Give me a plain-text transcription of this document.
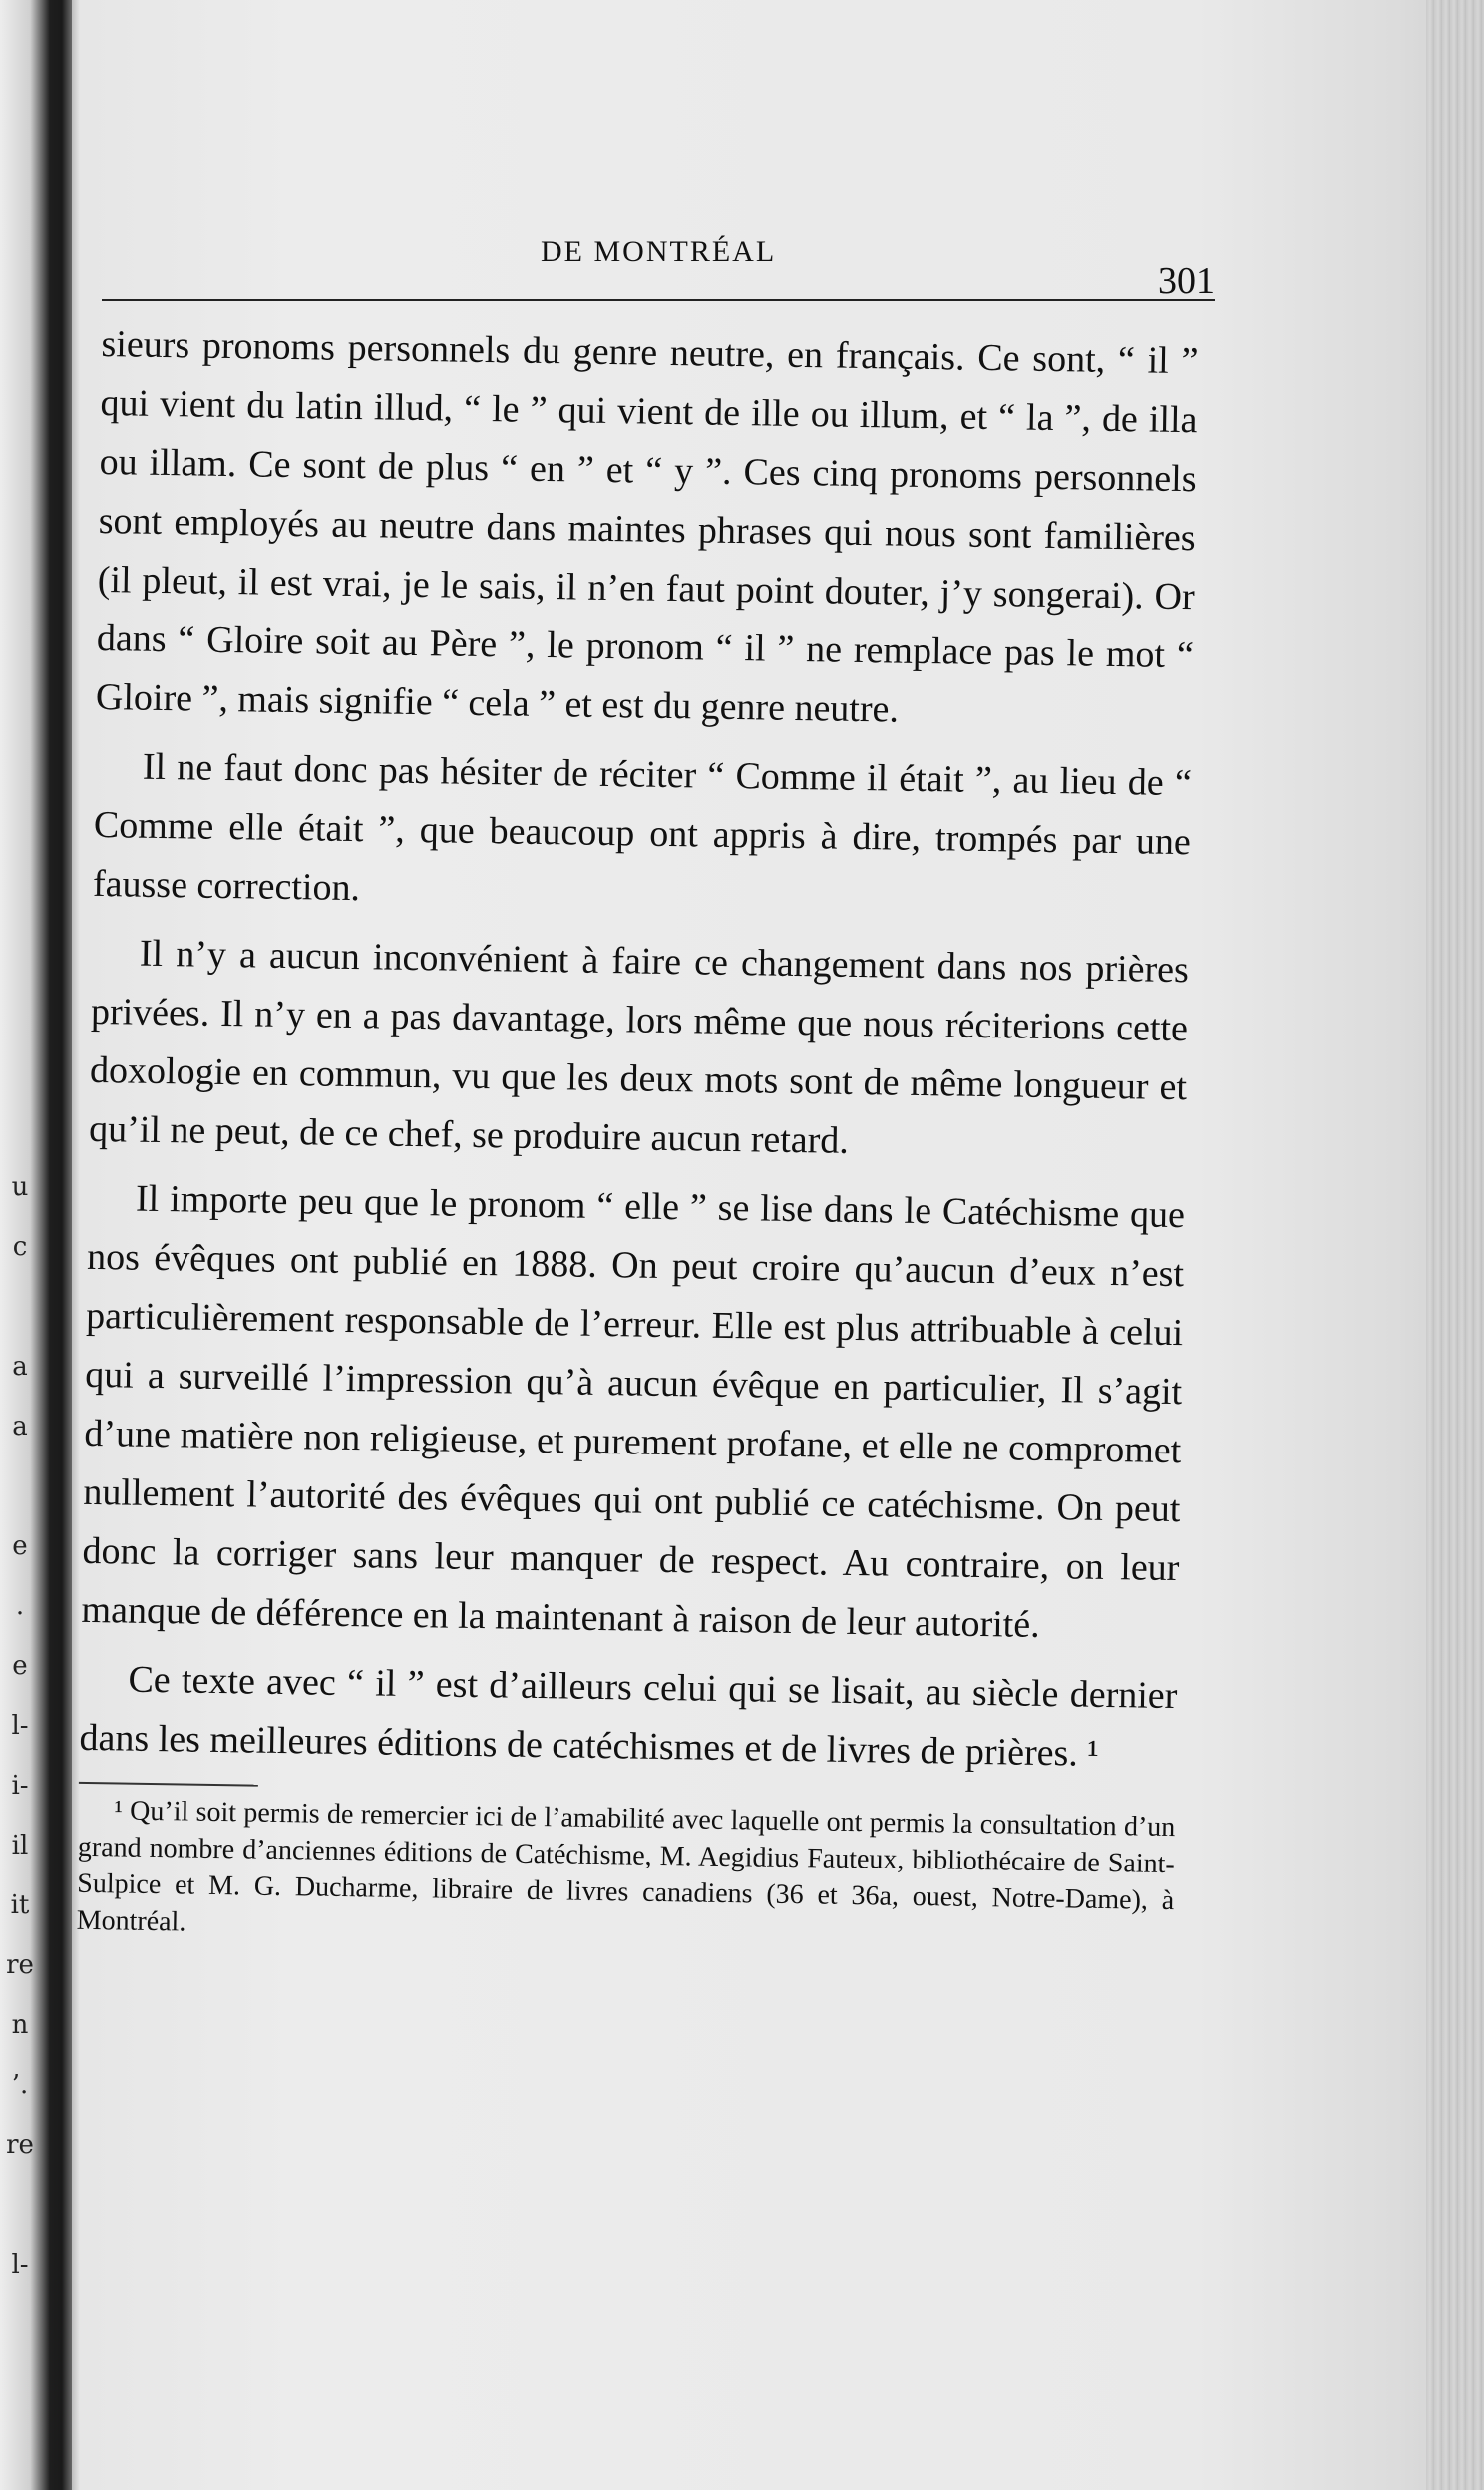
u
c
a
a
e
.
e
l-
i-
il
it
re
n
’.
re
l-
DE MONTRÉAL
301

sieurs pronoms personnels du genre neutre, en français. Ce sont, “ il ” qui vient du latin illud, “ le ” qui vient de ille ou illum, et “ la ”, de illa ou illam. Ce sont de plus “ en ” et “ y ”. Ces cinq pronoms personnels sont employés au neutre dans maintes phrases qui nous sont familières (il pleut, il est vrai, je le sais, il n’en faut point douter, j’y songerai). Or dans “ Gloire soit au Père ”, le pronom “ il ” ne remplace pas le mot “ Gloire ”, mais signifie “ cela ” et est du genre neutre.

Il ne faut donc pas hésiter de réciter “ Comme il était ”, au lieu de “ Comme elle était ”, que beaucoup ont appris à dire, trompés par une fausse correction.

Il n’y a aucun inconvénient à faire ce changement dans nos prières privées. Il n’y en a pas davantage, lors même que nous réciterions cette doxologie en commun, vu que les deux mots sont de même longueur et qu’il ne peut, de ce chef, se produire aucun retard.

Il importe peu que le pronom “ elle ” se lise dans le Catéchisme que nos évêques ont publié en 1888. On peut croire qu’aucun d’eux n’est particulièrement responsable de l’erreur. Elle est plus attribuable à celui qui a surveillé l’impression qu’à aucun évêque en particulier, Il s’agit d’une matière non religieuse, et purement profane, et elle ne compromet nullement l’autorité des évêques qui ont publié ce catéchisme. On peut donc la corriger sans leur manquer de respect. Au contraire, on leur manque de déférence en la maintenant à raison de leur autorité.

Ce texte avec “ il ” est d’ailleurs celui qui se lisait, au siècle dernier dans les meilleures éditions de catéchismes et de livres de prières. ¹

¹ Qu’il soit permis de remercier ici de l’amabilité avec laquelle ont permis la consultation d’un grand nombre d’anciennes éditions de Catéchisme, M. Aegidius Fauteux, bibliothécaire de Saint-Sulpice et M. G. Ducharme, libraire de livres canadiens (36 et 36a, ouest, Notre-Dame), à Montréal.
